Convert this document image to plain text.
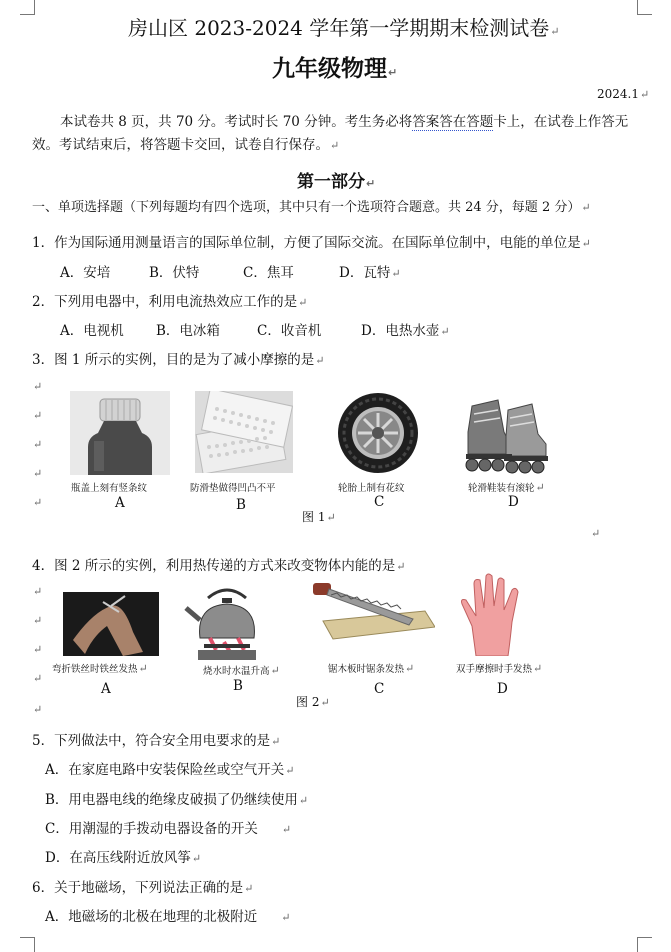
房山区 2023-2024 学年第一学期期末检测试卷↵
九年级物理↵
2024.1↵
本试卷共 8 页，共 70 分。考试时长 70 分钟。考生务必将答案答在答题卡上，在试卷上作答无
效。考试结束后，将答题卡交回，试卷自行保存。↵
第一部分↵
一、单项选择题（下列每题均有四个选项，其中只有一个选项符合题意。共 24 分，每题 2 分）↵
1．作为国际通用测量语言的国际单位制，方便了国际交流。在国际单位制中，电能的单位是↵
A．安培	B．伏特	C．焦耳	D．瓦特↵
2．下列用电器中，利用电流热效应工作的是↵
A．电视机 B．电冰箱	C．收音机	D．电热水壶↵
3．图 1 所示的实例，目的是为了减小摩擦的是↵
↵
↵
↵
↵
↵
瓶盖上刻有竖条纹	防滑垫做得凹凸不平	轮胎上制有花纹	轮滑鞋装有滚轮↵
A	B	C	D
图 1↵
↵
4．图 2 所示的实例，利用热传递的方式来改变物体内能的是↵
↵
↵
↵
↵
↵
弯折铁丝时铁丝发热↵	烧水时水温升高↵	锯木板时锯条发热↵	双手摩擦时手发热↵
A	B	C	D
图 2↵
5．下列做法中，符合安全用电要求的是↵
A．在家庭电路中安装保险丝或空气开关↵
B．用电器电线的绝缘皮破损了仍继续使用↵
C．用潮湿的手拨动电器设备的开关 ↵
D．在高压线附近放风筝↵
6．关于地磁场，下列说法正确的是↵
A．地磁场的北极在地理的北极附近 ↵
